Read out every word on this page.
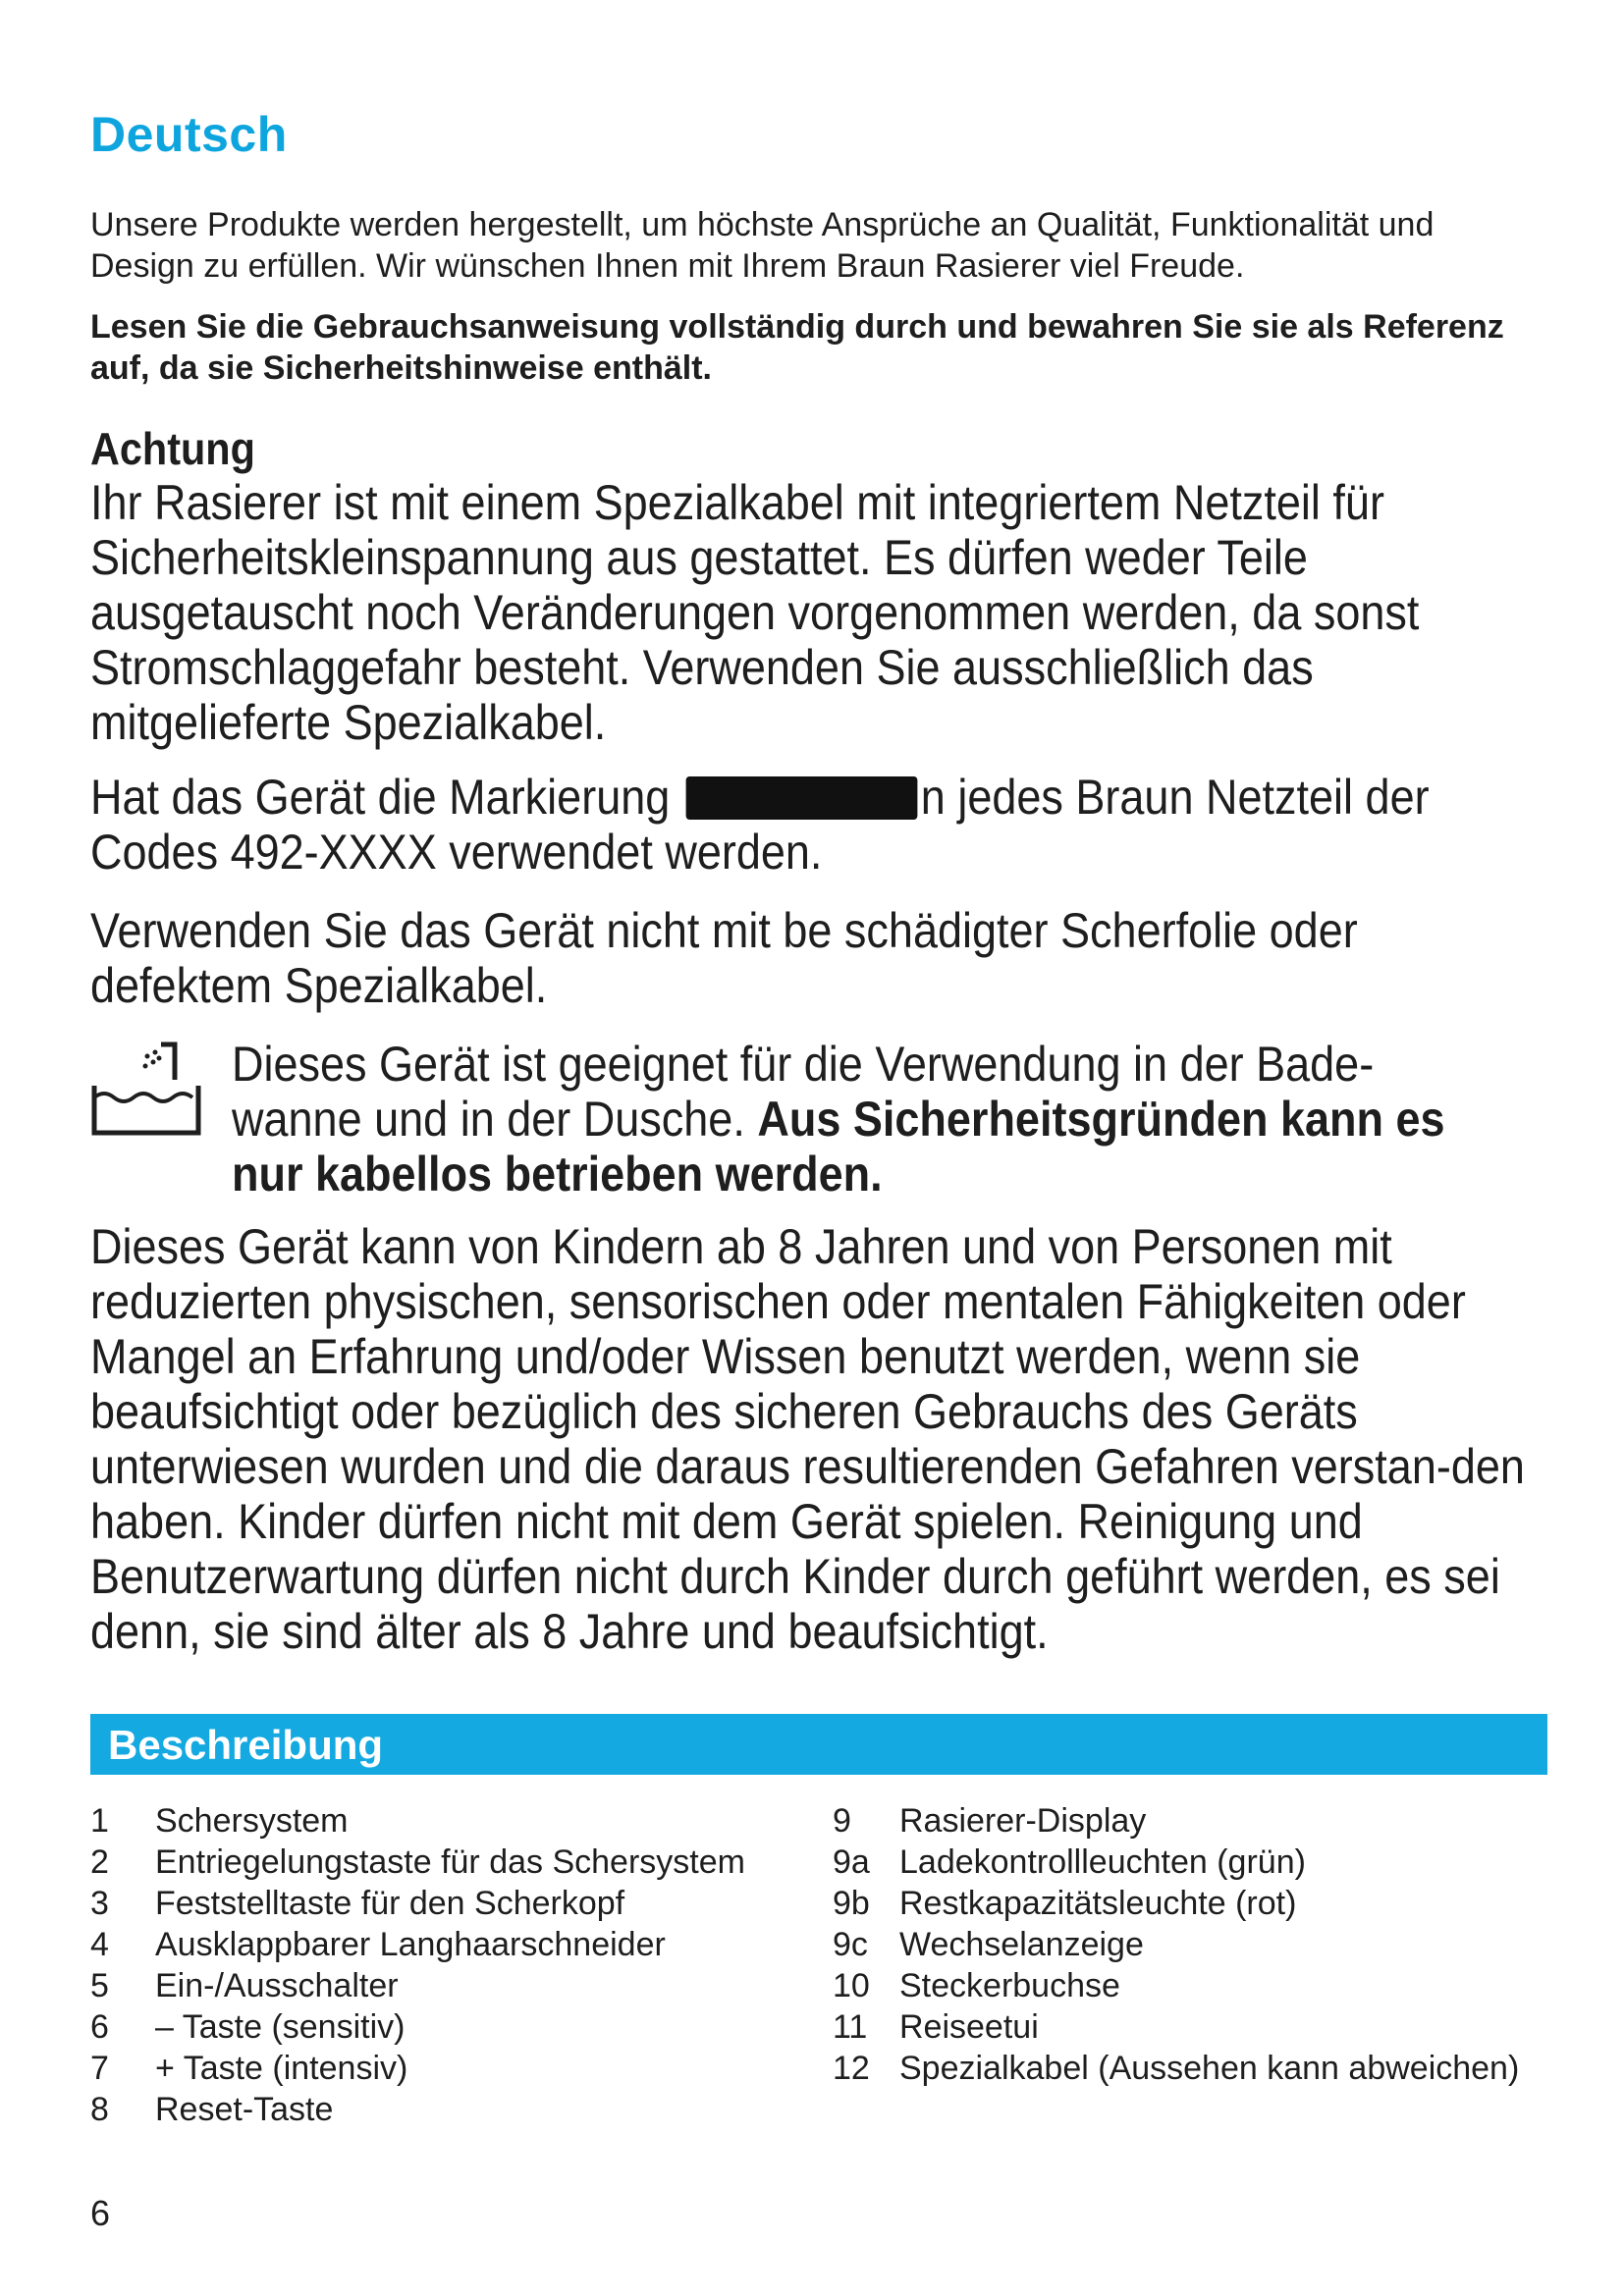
Deutsch

Unsere Produkte werden hergestellt, um höchste Ansprüche an Qualität, Funktionalität und Design zu erfüllen. Wir wünschen Ihnen mit Ihrem Braun Rasierer viel Freude.

Lesen Sie die Gebrauchsanweisung vollständig durch und bewahren Sie sie als Referenz auf, da sie Sicherheitshinweise enthält.

Achtung

Ihr Rasierer ist mit einem Spezialkabel mit integriertem Netzteil für Sicherheitskleinspannung aus gestattet. Es dürfen weder Teile ausgetauscht noch Veränderungen vorgenommen werden, da sonst Stromschlaggefahr besteht. Verwenden Sie ausschließlich das mitgelieferte Spezialkabel.

Hat das Gerät die Markierung	n jedes Braun Netzteil der Codes 492-XXXX verwendet werden.

Verwenden Sie das Gerät nicht mit be schädigter Scherfolie oder defektem Spezialkabel.

Dieses Gerät ist geeignet für die Verwendung in der Bade-wanne und in der Dusche. Aus Sicherheitsgründen kann es nur kabellos betrieben werden.

Dieses Gerät kann von Kindern ab 8 Jahren und von Personen mit reduzierten physischen, sensorischen oder mentalen Fähigkeiten oder Mangel an Erfahrung und/oder Wissen benutzt werden, wenn sie beaufsichtigt oder bezüglich des sicheren Gebrauchs des Geräts unterwiesen wurden und die daraus resultierenden Gefahren verstan-den haben. Kinder dürfen nicht mit dem Gerät spielen. Reinigung und Benutzerwartung dürfen nicht durch Kinder durch geführt werden, es sei denn, sie sind älter als 8 Jahre und beaufsichtigt.

Beschreibung
1 Schersystem
2 Entriegelungstaste für das Schersystem
3 Feststelltaste für den Scherkopf
4 Ausklappbarer Langhaarschneider
5 Ein-/Ausschalter
6 – Taste (sensitiv)
7 + Taste (intensiv)
8 Reset-Taste
9 Rasierer-Display
9a Ladekontrollleuchten (grün)
9b Restkapazitätsleuchte (rot)
9c Wechselanzeige
10 Steckerbuchse
11 Reiseetui
12 Spezialkabel (Aussehen kann abweichen)

6
